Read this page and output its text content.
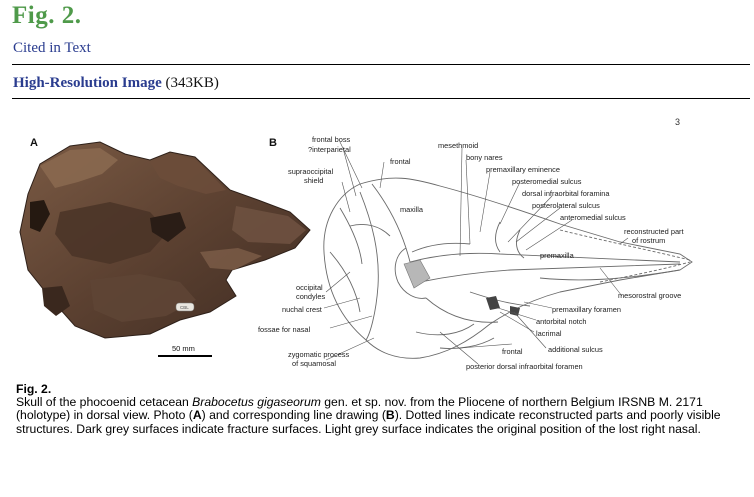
Fig. 2.
Cited in Text
High-Resolution Image (343KB)
3
A
CBL
50 mm
B	frontal boss
?interparietal
frontal
mesethmoid
bony nares
premaxillary eminence
supraoccipital
shield	posteromedial sulcus
dorsal infraorbital foramina
maxilla	posterolateral sulcus
anteromedial sulcus
reconstructed part
of rostrum
premaxilla
occipital
condyles	mesorostral groove
nuchal crest	premaxillary foramen
fossae for nasal
antorbital notch
lacrimal
zygomatic process
of squamosal
frontal	additional sulcus
posterior dorsal infraorbital foramen
Fig. 2.
Skull of the phocoenid cetacean Brabocetus gigaseorum gen. et sp. nov. from the Pliocene of northern Belgium IRSNB M. 2171 (holotype) in dorsal view. Photo (A) and corresponding line drawing (B). Dotted lines indicate reconstructed parts and poorly visible structures. Dark grey surfaces indicate fracture surfaces. Light grey surface indicates the original position of the lost right nasal.
